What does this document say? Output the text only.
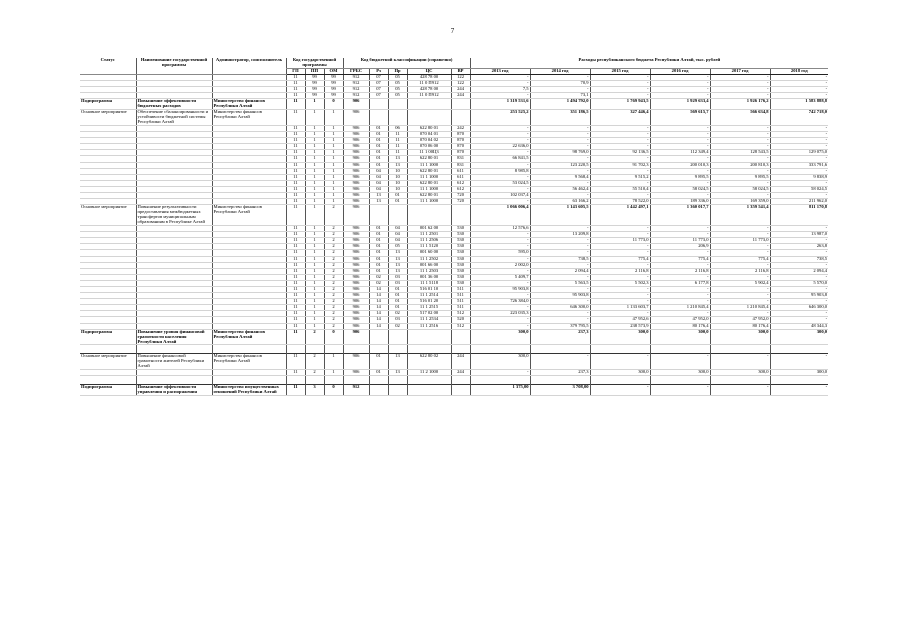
7
Статус	Наименование государственной программы	Администратор, соисполнитель	Код государственной программы			Код бюджетной классификации (справочно)					Расходы республиканского бюджета Республики Алтай, тыс. рублей					
			ГП	ПП	ОМ	ГРБС	Рз	Пр	ЦС	ВР	2013 год	2014 год	2015 год	2016 год	2017 год	2018 год
			11	99	99	912	07	05	428 78 00	122	-	-	-	-	-	-
			11	99	99	912	07	05	11 0 П912	122	-	70,9	-	-	-	-
			11	99	99	912	07	05	428 78 00	244	7,5	-	-	-	-	-
			11	99	99	912	07	05	11 0 П912	244	-	73,1	-	-	-	-
Подпрограмма	Повышение эффективности бюджетных расходов	Министерство финансов Республики Алтай	11	1	0	906					1 319 531,6	1 494 792,0	1 769 943,5	1 929 633,4	1 926 176,2	1 583 888,8
Основное мероприятие	Обеспечение сбалансированности и устойчивости бюджетной системы Республики Алтай	Министерство финансов Республики Алтай	11	1	1	906					253 525,2	351 186,5	327 446,4	569 615,7	566 634,8	742 718,0
			11	1	1	906	01	06	622 80 01	242	-	-	-	-	-	-
			11	1	1	906	01	11	070 04 01	870	-	-	-	-	-	-
			11	1	1	906	01	11	070 04 02	870	-	-	-	-	-	-
			11	1	1	906	01	11	070 06 00	870	22 636,0	-	-	-	-	-
			11	1	1	906	01	11	11 1 00Ц3	870	-	98 769,0	92 136,5	112 349,4	128 543,5	129 075,0
			11	1	1	906	01	13	622 80 01	831	66 841,5	-	-	-	-	-
			11	1	1	906	01	13	11 1 1000	831	-	123 220,5	91 702,3	200 010,3	200 810,3	333 791,6
			11	1	1	906	04	10	622 80 01	611	8 985,8	-	-	-	-	-
			11	1	1	906	04	10	11 1 1000	611	-	9 568,4	9 515,2	9 895,5	9 895,5	9 838,9
			11	1	1	906	04	10	622 80 01	612	53 024,5	-	-	-	-	-
			11	1	1	906	04	10	11 1 1000	612	-	56 462,4	55 510,4	58 024,5	58 024,5	58 024,5
			11	1	1	906	13	01	622 80 01	720	102 037,4	-	-	-	-	-
			11	1	1	906	13	01	11 1 1000	720	-	63 166,2	78 522,0	189 336,0	169 359,0	211 962,0
Основное мероприятие	Повышение результативности предоставления межбюджетных трансфертов муниципальным образованиям в Республике Алтай	Министерство финансов Республики Алтай	11	1	2	906					1 066 006,4	1 143 605,5	1 442 497,1	1 360 017,7	1 359 541,4	811 170,8
			11	1	2	906	01	04	001 62 00	530	12 576,6	-	-	-	-	-
			11	1	2	906	01	04	11 1 2501	530	-	13 209,8	-	-	-	13 987,0
			11	1	2	906	01	04	11 1 2506	530	-	-	11 773,0	11 773,0	11 773,0	-
			11	1	2	906	01	05	11 1 5120	530	-	-	-	206,9	-	263,8
			11	1	2	906	01	13	001 60 00	530	595,0	-	-	-	-	-
			11	1	2	906	01	13	11 1 2502	530	-	738,5	775,4	775,4	775,4	738,5
			11	1	2	906	01	13	001 66 00	530	2 002,0	-	-	-	-	-
			11	1	2	906	01	13	11 1 2503	530	-	2 094,4	2 116,8	2 116,8	2 116,8	2 094,4
			11	1	2	906	02	03	001 36 00	530	5 409,7	-	-	-	-	-
			11	1	2	906	02	03	11 1 5118	530	-	5 563,5	5 502,3	6 177,8	5 902,4	5 570,0
			11	1	2	906	14	01	516 01 10	511	95 903,8	-	-	-	-	-
			11	1	2	906	14	01	11 1 2514	511	-	95 903,8	-	-	-	95 903,8
			11	1	2	906	14	01	516 01 20	511	726 384,0	-	-	-	-	-
			11	1	2	906	14	01	11 1 2515	511	-	646 300,0	1 133 603,7	1 210 845,4	1 210 845,4	646 300,0
			11	1	2	906	14	02	517 02 00	512	223 035,3	-	-	-	-	-
			11	1	2	906	14	03	11 1 2534	520	-	-	47 952,6	47 952,0	47 952,0	-
			11	1	2	906	14	02	11 1 2516	512	-	379 795,5	238 573,9	80 176,4	80 176,4	48 344,3
Подпрограмма	Повышение уровня финансовой грамотности населения Республики Алтай	Министерство финансов Республики Алтай	11	2	0	906					300,0	237,3	300,0	300,0	300,0	300,0

Основное мероприятие	Повышение финансовой грамотности жителей Республики Алтай	Министерство финансов Республики Алтай	11	2	1	906	01	13	622 80 02	244	300,0	-	-	-	-	-
			11	2	1	906	01	13	11 2 1000	244	-	237,3	300,0	300,0	300,0	300,0

Подпрограмма	Повышение эффективности управления и распоряжения	Министерство имущественных отношений Республики Алтай	11	3	0	912					1 375,00	3 708,00	-	-	-	-
